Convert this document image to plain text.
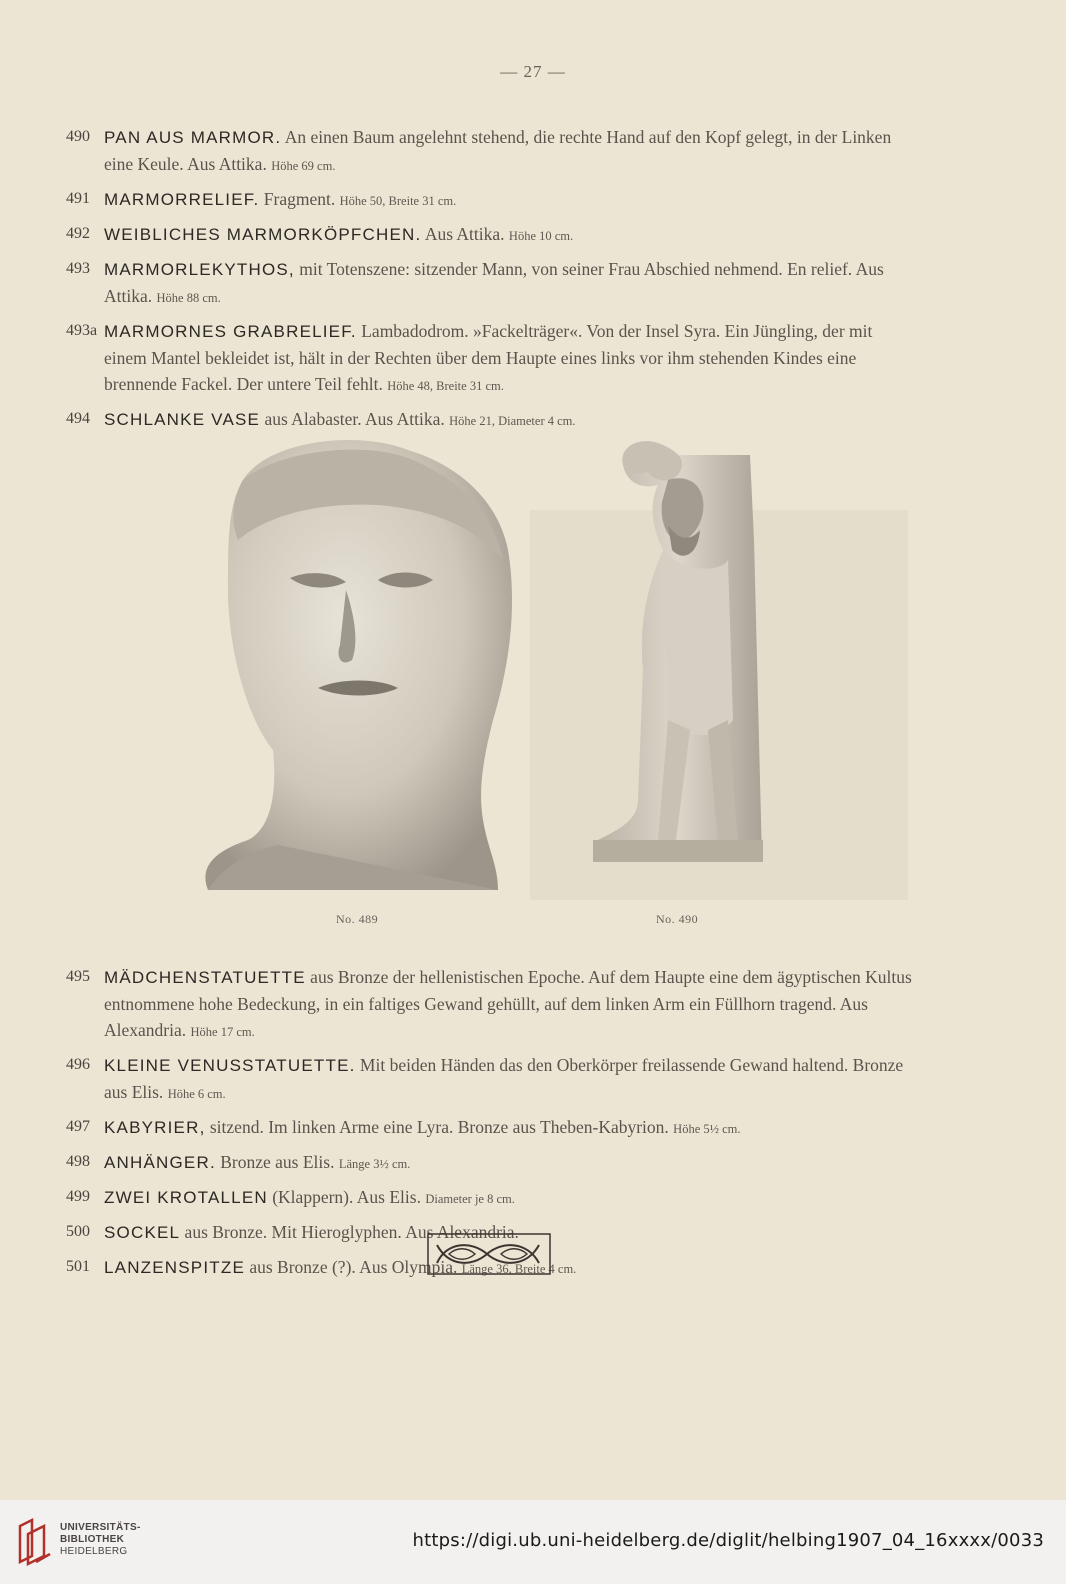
— 27 —
490 PAN AUS MARMOR. An einen Baum angelehnt stehend, die rechte Hand auf den Kopf gelegt, in der Linken eine Keule. Aus Attika. Höhe 69 cm.
491 MARMORRELIEF. Fragment. Höhe 50, Breite 31 cm.
492 WEIBLICHES MARMORKÖPFCHEN. Aus Attika. Höhe 10 cm.
493 MARMORLEKYTHOS, mit Totenszene: sitzender Mann, von seiner Frau Abschied nehmend. En relief. Aus Attika. Höhe 88 cm.
493a MARMORNES GRABRELIEF. Lambadodrom. »Fackelträger«. Von der Insel Syra. Ein Jüngling, der mit einem Mantel bekleidet ist, hält in der Rechten über dem Haupte eines links vor ihm stehenden Kindes eine brennende Fackel. Der untere Teil fehlt. Höhe 48, Breite 31 cm.
494 SCHLANKE VASE aus Alabaster. Aus Attika. Höhe 21, Diameter 4 cm.
No. 489	No. 490
495 MÄDCHENSTATUETTE aus Bronze der hellenistischen Epoche. Auf dem Haupte eine dem ägyptischen Kultus entnommene hohe Bedeckung, in ein faltiges Gewand gehüllt, auf dem linken Arm ein Füllhorn tragend. Aus Alexandria. Höhe 17 cm.
496 KLEINE VENUSSTATUETTE. Mit beiden Händen das den Oberkörper freilassende Gewand haltend. Bronze aus Elis. Höhe 6 cm.
497 KABYRIER, sitzend. Im linken Arme eine Lyra. Bronze aus Theben-Kabyrion. Höhe 5½ cm.
498 ANHÄNGER. Bronze aus Elis. Länge 3½ cm.
499 ZWEI KROTALLEN (Klappern). Aus Elis. Diameter je 8 cm.
500 SOCKEL aus Bronze. Mit Hieroglyphen. Aus Alexandria.
501 LANZENSPITZE aus Bronze (?). Aus Olympia. Länge 36, Breite 4 cm.
UNIVERSITÄTS-
BIBLIOTHEK
HEIDELBERG
https://digi.ub.uni-heidelberg.de/diglit/helbing1907_04_16xxxx/0033
